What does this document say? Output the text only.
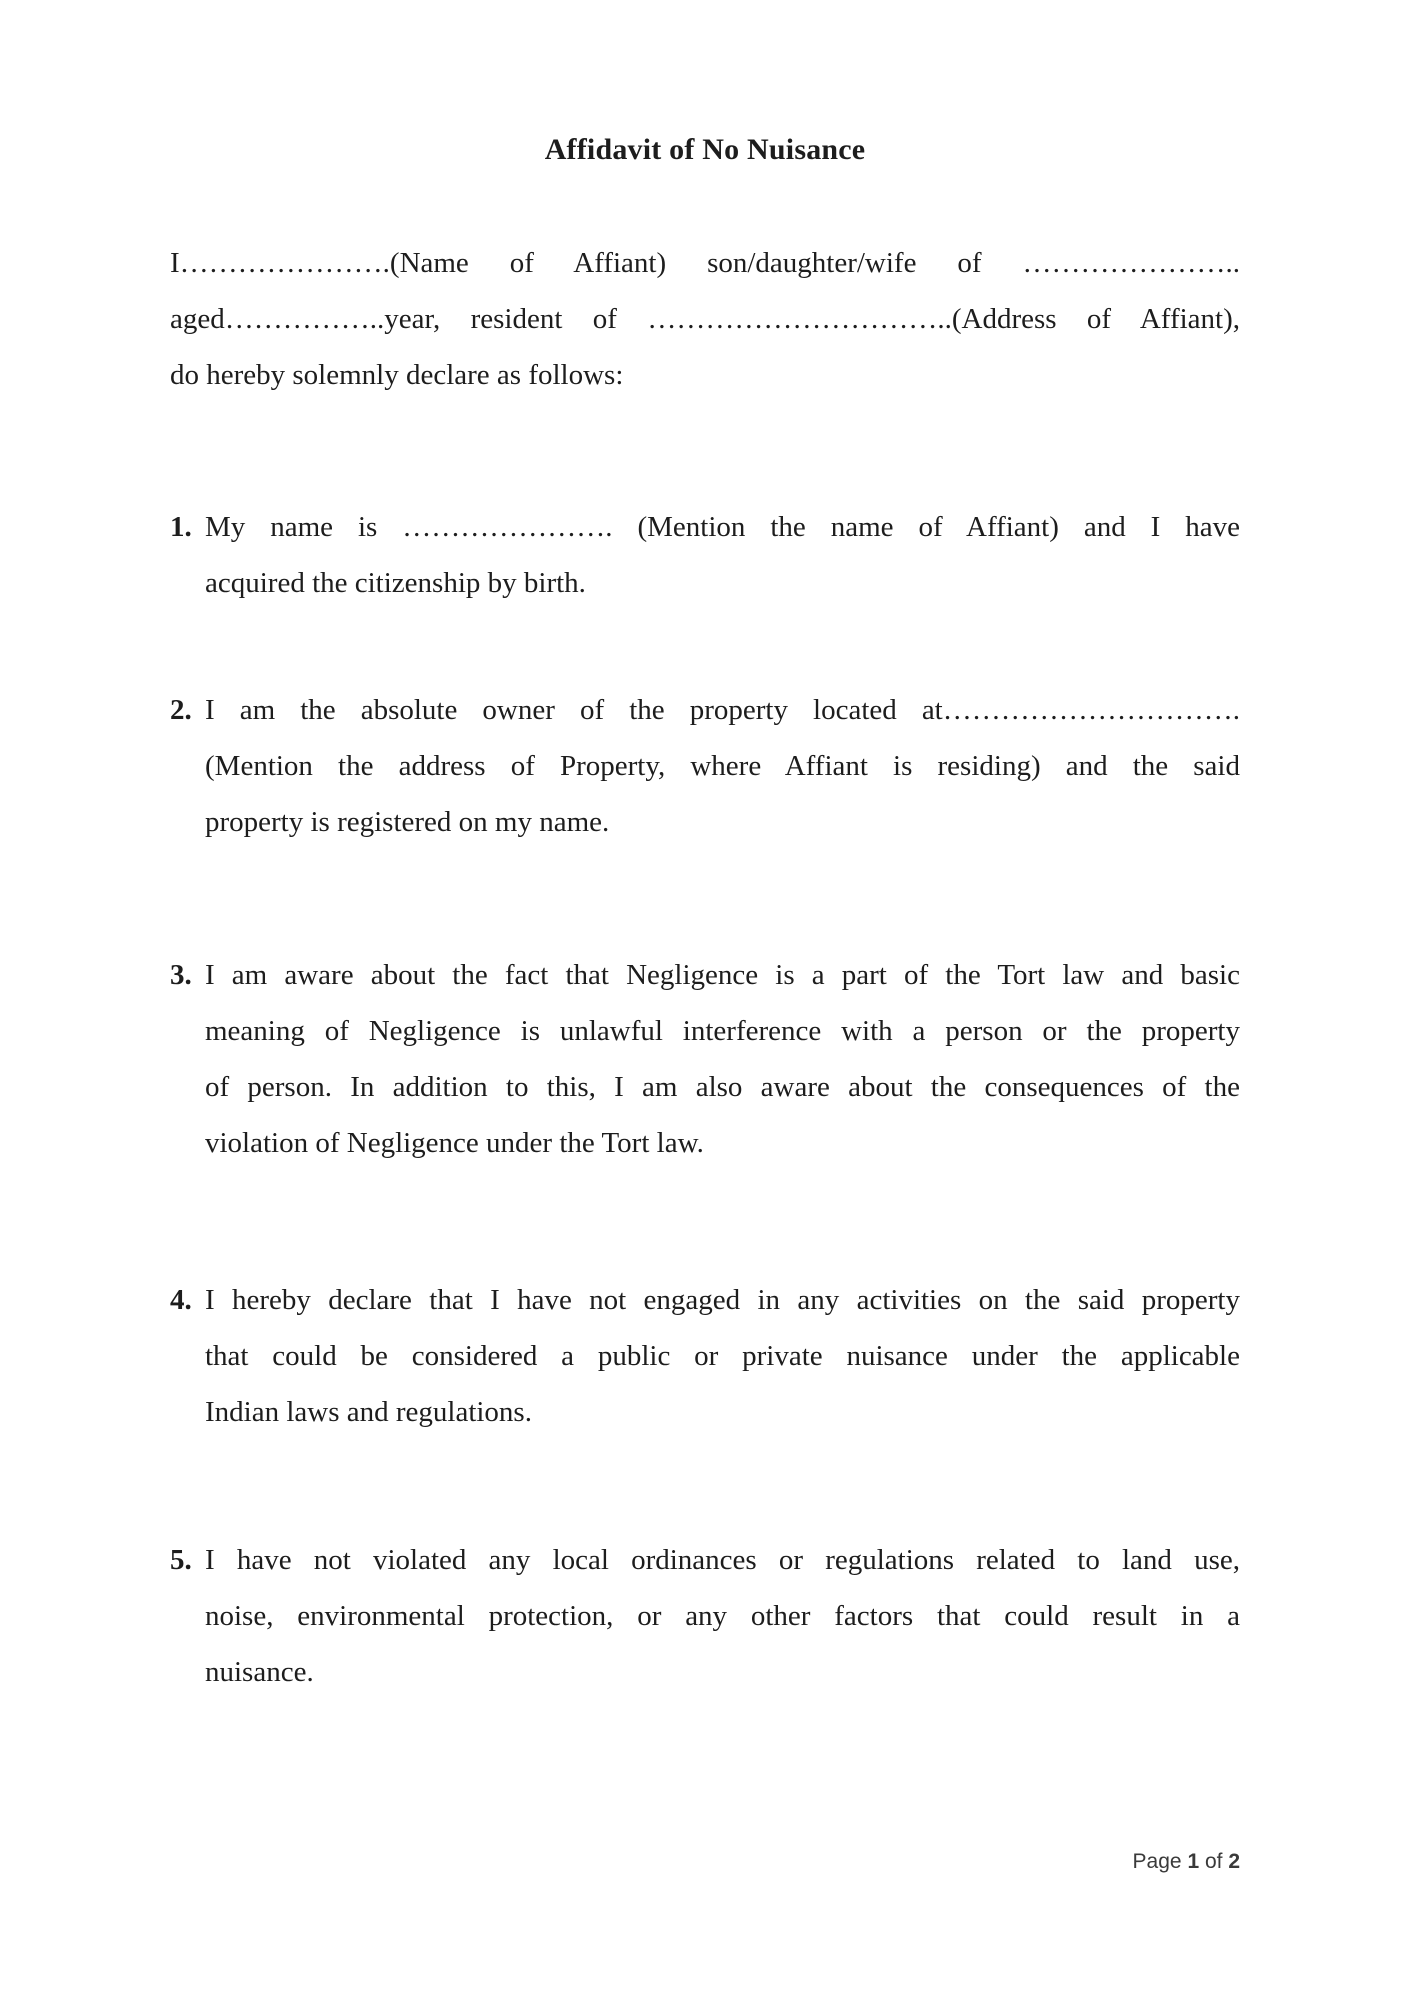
Affidavit of No Nuisance
I………………….(Name of Affiant) son/daughter/wife of …………………..
aged……………..year, resident of …………………………..(Address of Affiant),
do hereby solemnly declare as follows:
1. My name is …………………. (Mention the name of Affiant) and I have
acquired the citizenship by birth.
2. I am the absolute owner of the property located at………………………….
(Mention the address of Property, where Affiant is residing) and the said
property is registered on my name.
3. I am aware about the fact that Negligence is a part of the Tort law and basic
meaning of Negligence is unlawful interference with a person or the property
of person. In addition to this, I am also aware about the consequences of the
violation of Negligence under the Tort law.
4. I hereby declare that I have not engaged in any activities on the said property
that could be considered a public or private nuisance under the applicable
Indian laws and regulations.
5. I have not violated any local ordinances or regulations related to land use,
noise, environmental protection, or any other factors that could result in a
nuisance.
Page 1 of 2
